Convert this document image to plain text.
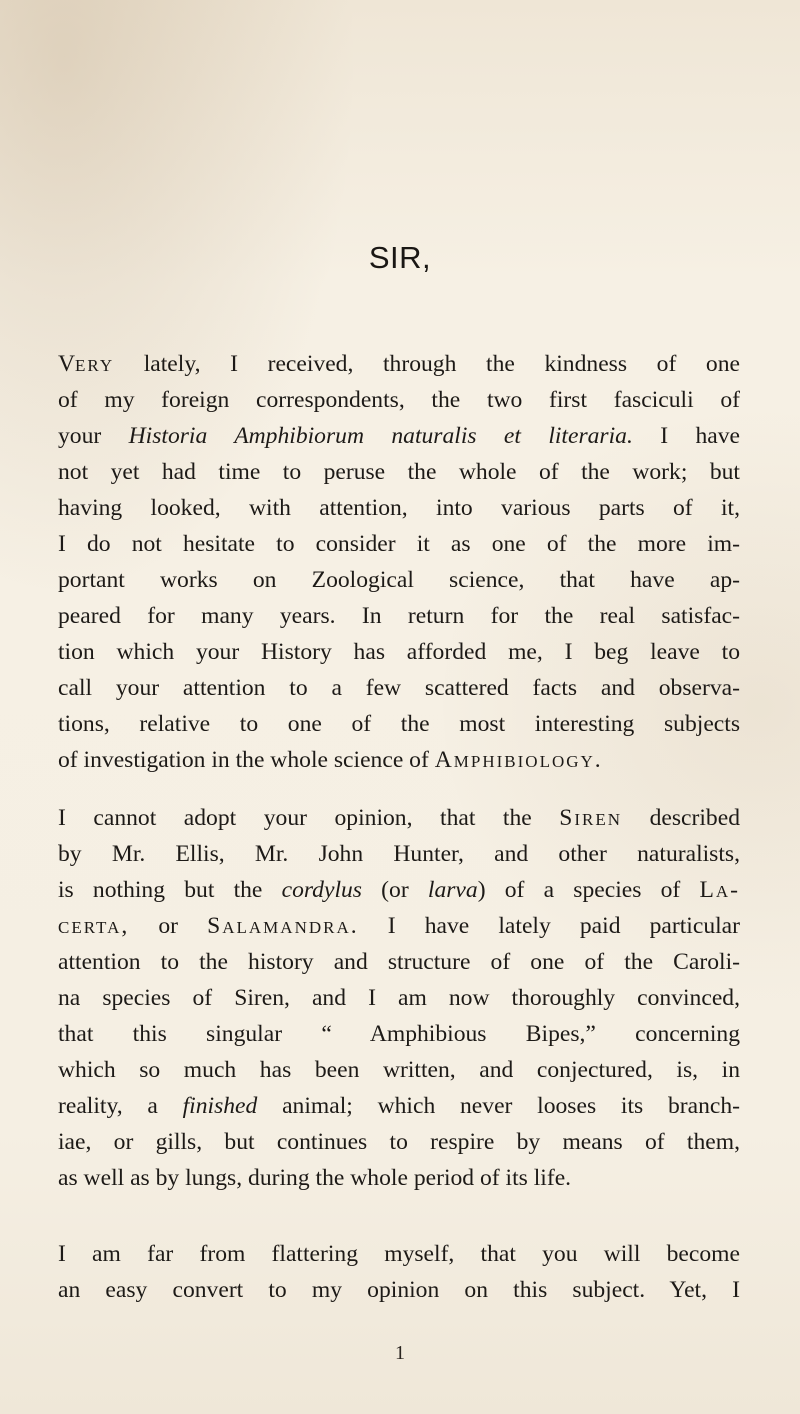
SIR,

Very lately, I received, through the kindness of one
of my foreign correspondents, the two first fasciculi of
your Historia Amphibiorum naturalis et literaria. I have
not yet had time to peruse the whole of the work; but
having looked, with attention, into various parts of it,
I do not hesitate to consider it as one of the more im-
portant works on Zoological science, that have ap-
peared for many years. In return for the real satisfac-
tion which your History has afforded me, I beg leave to
call your attention to a few scattered facts and observa-
tions, relative to one of the most interesting subjects
of investigation in the whole science of Amphibiology.

I cannot adopt your opinion, that the Siren described
by Mr. Ellis, Mr. John Hunter, and other naturalists,
is nothing but the cordylus (or larva) of a species of La-
certa, or Salamandra. I have lately paid particular
attention to the history and structure of one of the Caroli-
na species of Siren, and I am now thoroughly convinced,
that this singular “ Amphibious Bipes,” concerning
which so much has been written, and conjectured, is, in
reality, a finished animal; which never looses its branch-
iae, or gills, but continues to respire by means of them,
as well as by lungs, during the whole period of its life.

I am far from flattering myself, that you will become
an easy convert to my opinion on this subject. Yet, I

1
